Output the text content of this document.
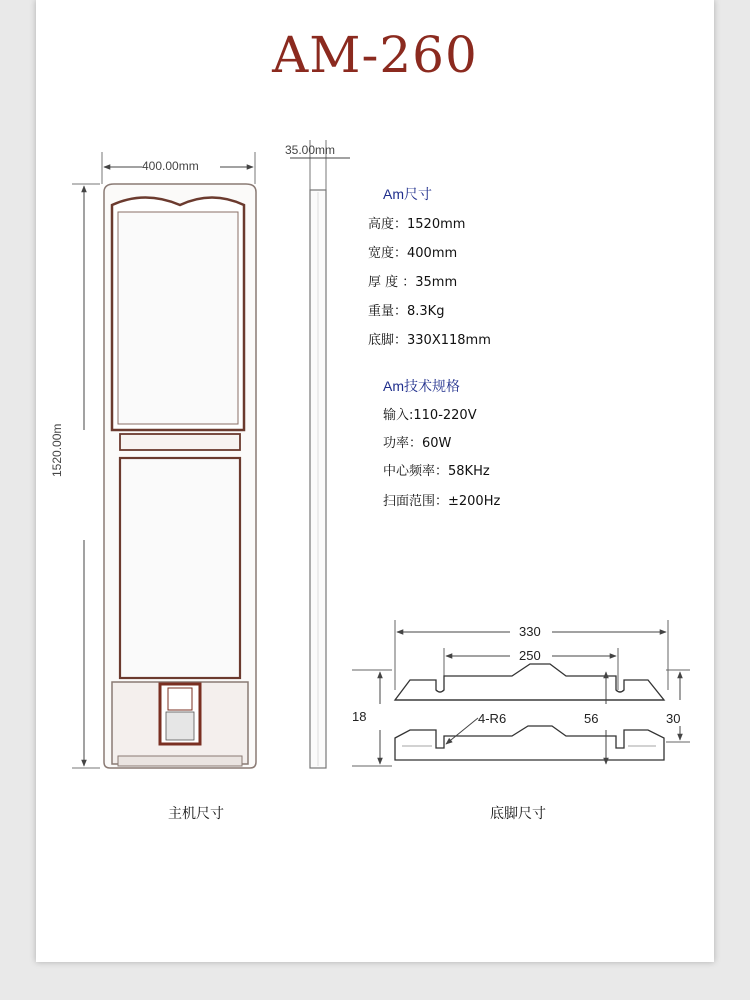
AM-260
400.00mm
35.00mm
1520.00m
Am尺寸
高度：1520mm
宽度：400mm
厚 度 ：35mm
重量：8.3Kg
底脚：330X118mm
Am技术规格
输入:110-220V
功率：60W
中心频率：58KHz
扫面范围：±200Hz
330
250
18	4-R6	56	30
主机尺寸	底脚尺寸
